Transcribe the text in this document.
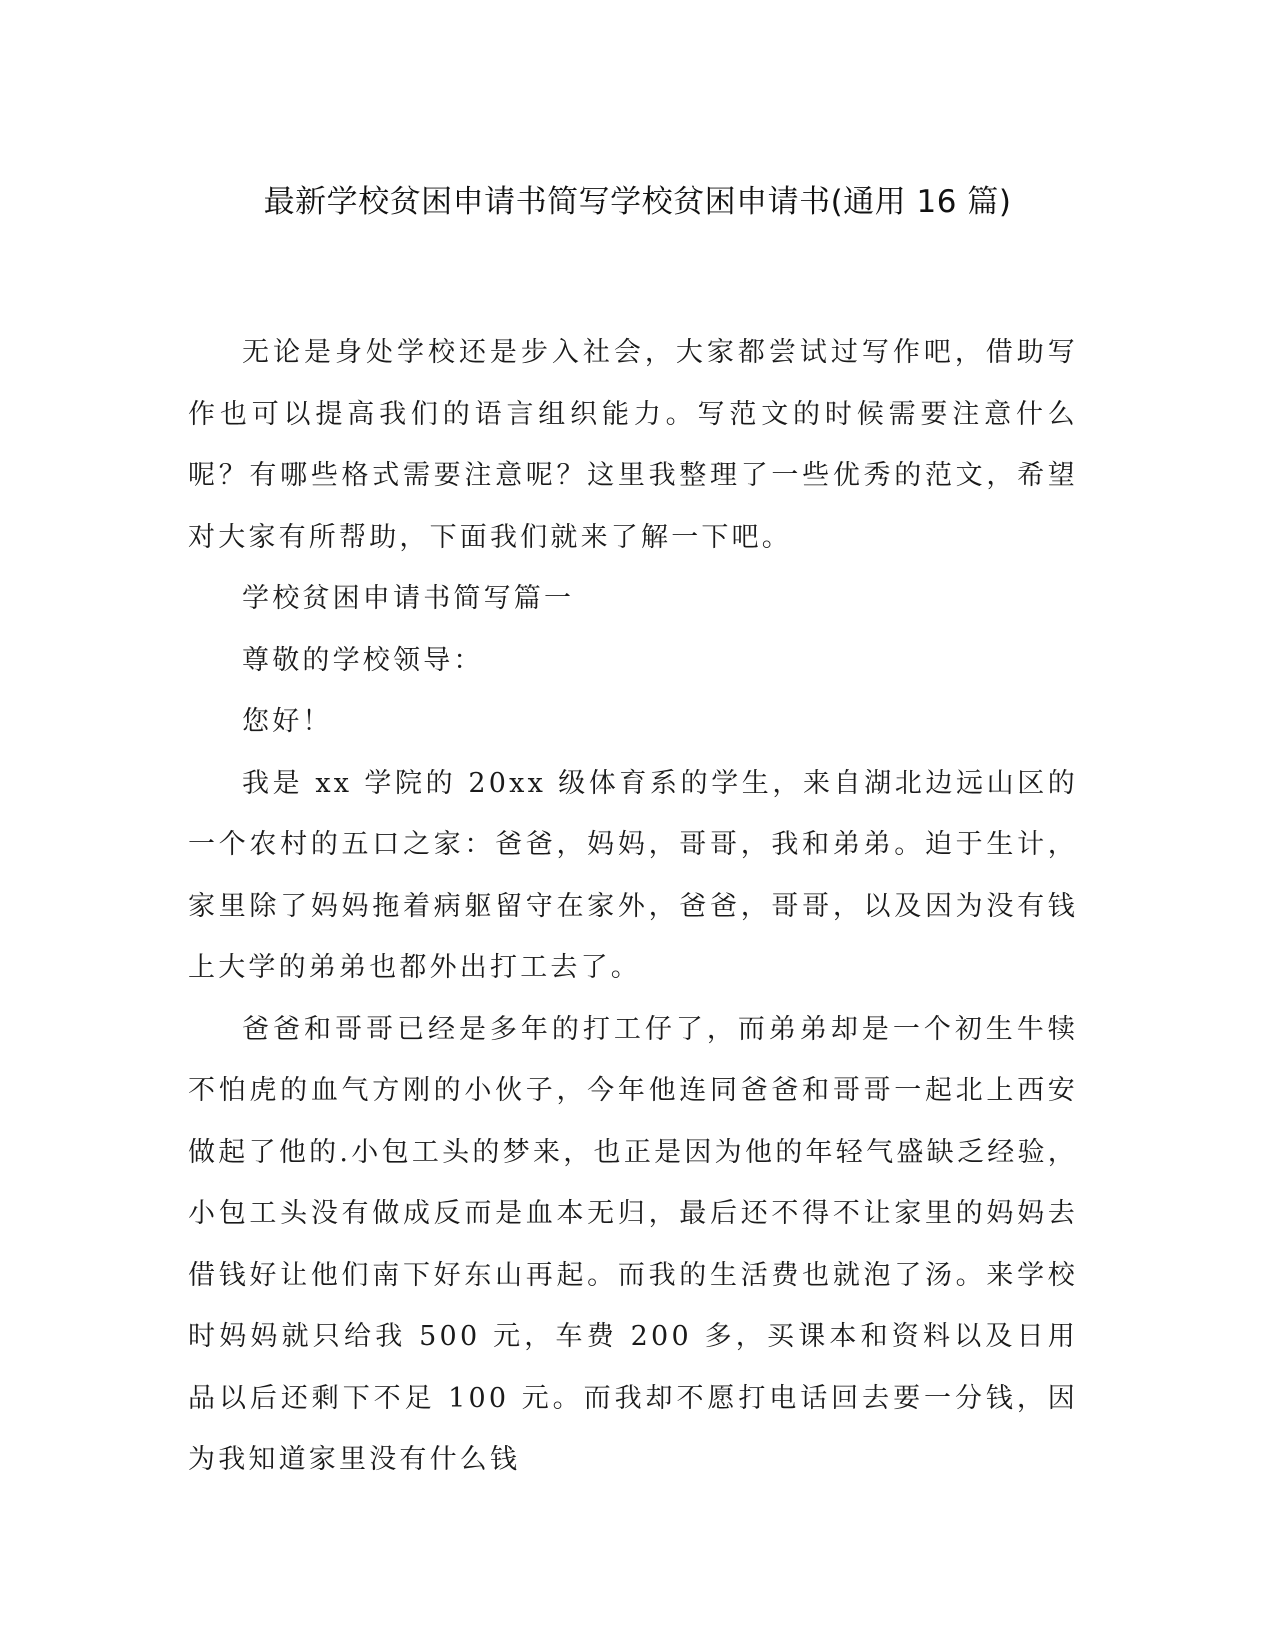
最新学校贫困申请书简写学校贫困申请书(通用 16 篇)

无论是身处学校还是步入社会，大家都尝试过写作吧，借助写作也可以提高我们的语言组织能力。写范文的时候需要注意什么呢？有哪些格式需要注意呢？这里我整理了一些优秀的范文，希望对大家有所帮助，下面我们就来了解一下吧。

学校贫困申请书简写篇一

尊敬的学校领导：

您好！

我是 xx 学院的 20xx 级体育系的学生，来自湖北边远山区的一个农村的五口之家：爸爸，妈妈，哥哥，我和弟弟。迫于生计，家里除了妈妈拖着病躯留守在家外，爸爸，哥哥，以及因为没有钱上大学的弟弟也都外出打工去了。

爸爸和哥哥已经是多年的打工仔了，而弟弟却是一个初生牛犊不怕虎的血气方刚的小伙子，今年他连同爸爸和哥哥一起北上西安做起了他的.小包工头的梦来，也正是因为他的年轻气盛缺乏经验，小包工头没有做成反而是血本无归，最后还不得不让家里的妈妈去借钱好让他们南下好东山再起。而我的生活费也就泡了汤。来学校时妈妈就只给我 500 元，车费 200 多，买课本和资料以及日用品以后还剩下不足 100 元。而我却不愿打电话回去要一分钱，因为我知道家里没有什么钱
